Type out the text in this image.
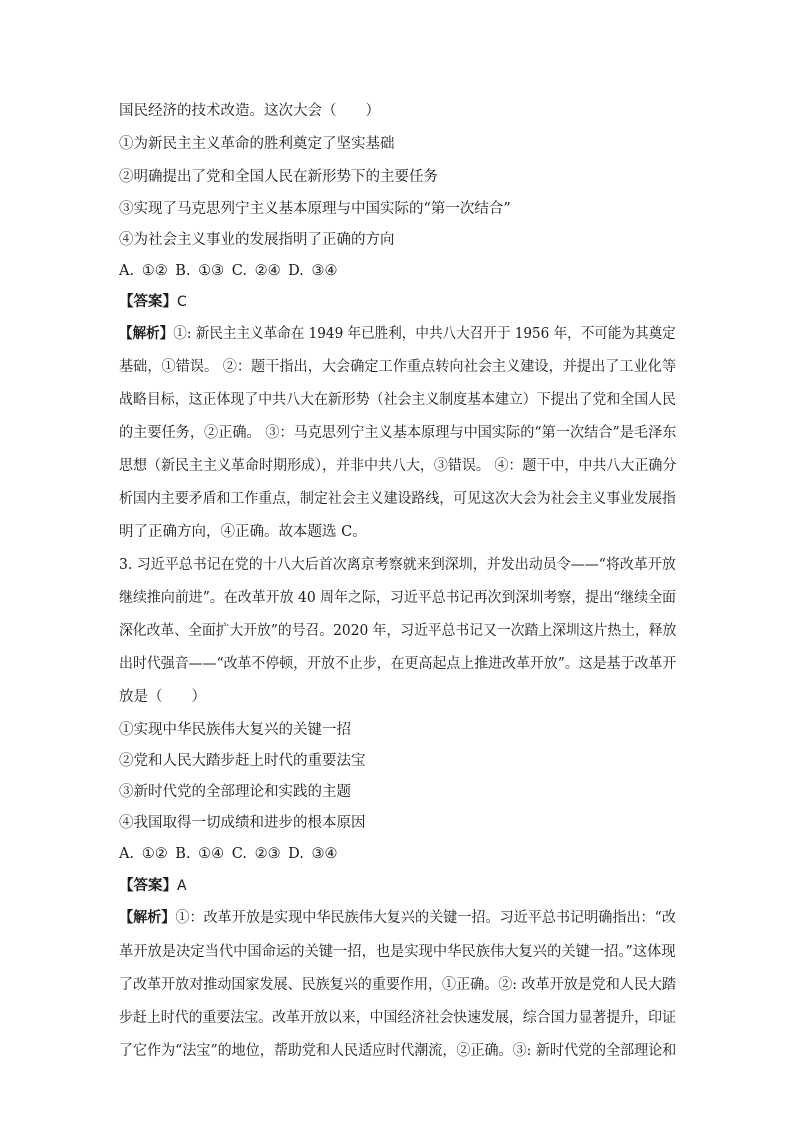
国民经济的技术改造。这次大会（　　）
①为新民主主义革命的胜利奠定了坚实基础
②明确提出了党和全国人民在新形势下的主要任务
③实现了马克思列宁主义基本原理与中国实际的“第一次结合”
④为社会主义事业的发展指明了正确的方向
A. ①② B. ①③ C. ②④ D. ③④
【答案】C
【解析】①: 新民主主义革命在 1949 年已胜利，中共八大召开于 1956 年，不可能为其奠定
基础，①错误。 ②：题干指出，大会确定工作重点转向社会主义建设，并提出了工业化等
战略目标，这正体现了中共八大在新形势（社会主义制度基本建立）下提出了党和全国人民
的主要任务，②正确。 ③：马克思列宁主义基本原理与中国实际的“第一次结合”是毛泽东
思想（新民主主义革命时期形成），并非中共八大，③错误。 ④：题干中，中共八大正确分
析国内主要矛盾和工作重点，制定社会主义建设路线，可见这次大会为社会主义事业发展指
明了正确方向，④正确。故本题选 C。
3. 习近平总书记在党的十八大后首次离京考察就来到深圳，并发出动员令——“将改革开放
继续推向前进”。在改革开放 40 周年之际，习近平总书记再次到深圳考察，提出“继续全面
深化改革、全面扩大开放”的号召。2020 年，习近平总书记又一次踏上深圳这片热土，释放
出时代强音——“改革不停顿，开放不止步，在更高起点上推进改革开放”。这是基于改革开
放是（　　）
①实现中华民族伟大复兴的关键一招
②党和人民大踏步赶上时代的重要法宝
③新时代党的全部理论和实践的主题
④我国取得一切成绩和进步的根本原因
A. ①② B. ①④ C. ②③ D. ③④
【答案】A
【解析】①：改革开放是实现中华民族伟大复兴的关键一招。习近平总书记明确指出：“改
革开放是决定当代中国命运的关键一招，也是实现中华民族伟大复兴的关键一招。”这体现
了改革开放对推动国家发展、民族复兴的重要作用，①正确。②: 改革开放是党和人民大踏
步赶上时代的重要法宝。改革开放以来，中国经济社会快速发展，综合国力显著提升，印证
了它作为“法宝”的地位，帮助党和人民适应时代潮流，②正确。③: 新时代党的全部理论和
